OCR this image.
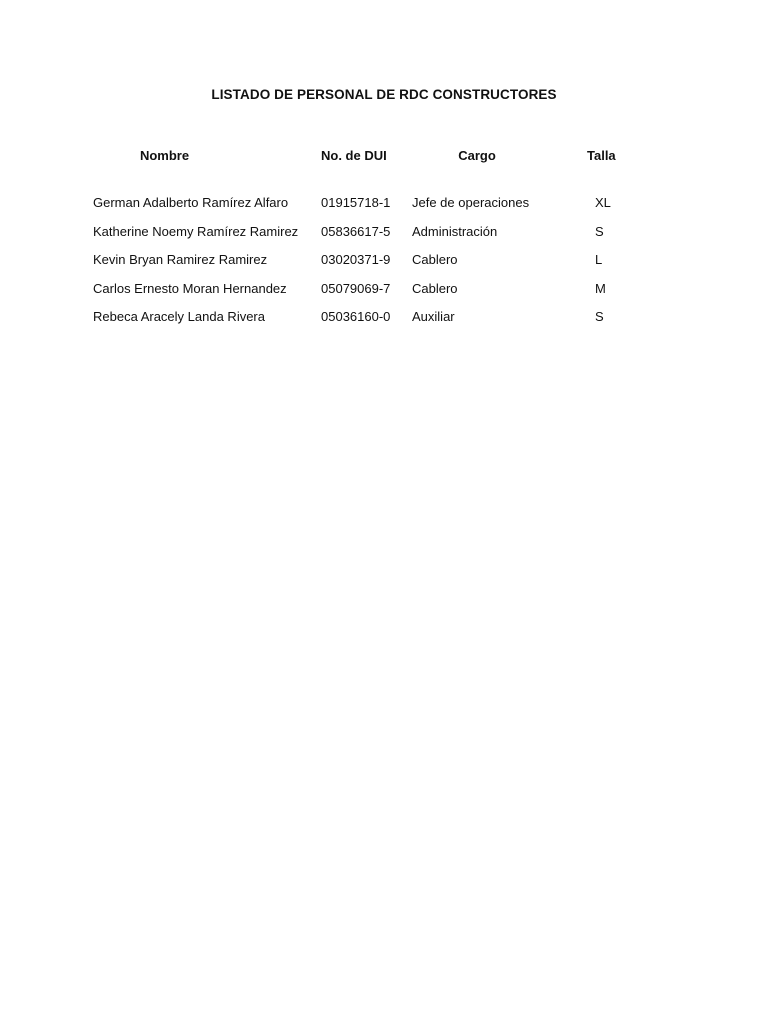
LISTADO DE PERSONAL DE RDC CONSTRUCTORES
Nombre	No. de DUI	Cargo	Talla
German Adalberto Ramírez Alfaro	01915718-1 Jefe de operaciones	XL
Katherine Noemy Ramírez Ramirez 05836617-5 Administración	S
Kevin Bryan Ramirez Ramirez	03020371-9 Cablero	L
Carlos Ernesto Moran Hernandez	05079069-7 Cablero	M
Rebeca Aracely Landa Rivera	05036160-0 Auxiliar	S
